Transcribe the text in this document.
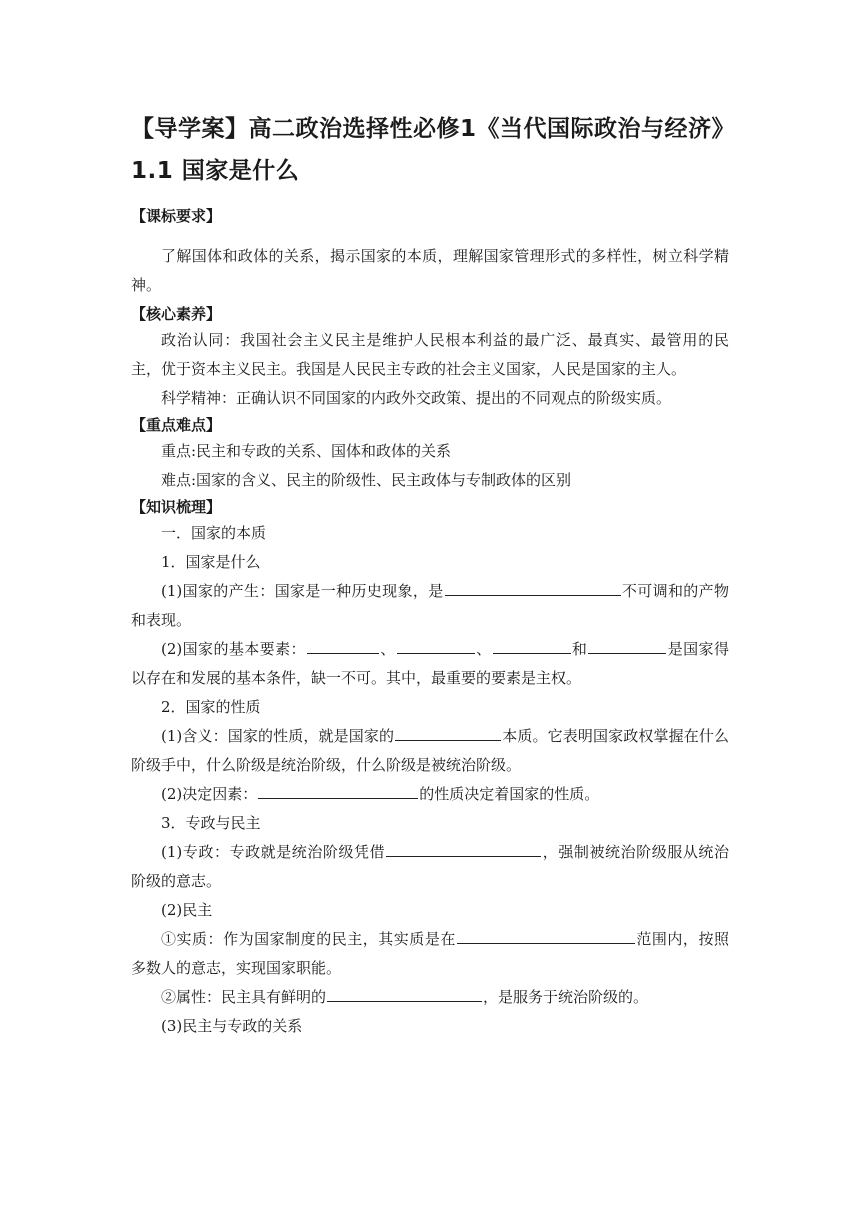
【导学案】高二政治选择性必修1《当代国际政治与经济》1.1 国家是什么
【课标要求】

了解国体和政体的关系，揭示国家的本质，理解国家管理形式的多样性，树立科学精神。

【核心素养】

政治认同：我国社会主义民主是维护人民根本利益的最广泛、最真实、最管用的民主，优于资本主义民主。我国是人民民主专政的社会主义国家，人民是国家的主人。

科学精神：正确认识不同国家的内政外交政策、提出的不同观点的阶级实质。

【重点难点】

重点:民主和专政的关系、国体和政体的关系

难点:国家的含义、民主的阶级性、民主政体与专制政体的区别

【知识梳理】

一．国家的本质

1．国家是什么

(1)国家的产生：国家是一种历史现象，是	不可调和的产物和表现。

(2)国家的基本要素：	、	、	和	是国家得以存在和发展的基本条件，缺一不可。其中，最重要的要素是主权。

2．国家的性质

(1)含义：国家的性质，就是国家的	本质。它表明国家政权掌握在什么阶级手中，什么阶级是统治阶级，什么阶级是被统治阶级。

(2)决定因素：	的性质决定着国家的性质。

3．专政与民主

(1)专政：专政就是统治阶级凭借	，强制被统治阶级服从统治阶级的意志。

(2)民主

①实质：作为国家制度的民主，其实质是在	范围内，按照多数人的意志，实现国家职能。

②属性：民主具有鲜明的	，是服务于统治阶级的。

(3)民主与专政的关系
